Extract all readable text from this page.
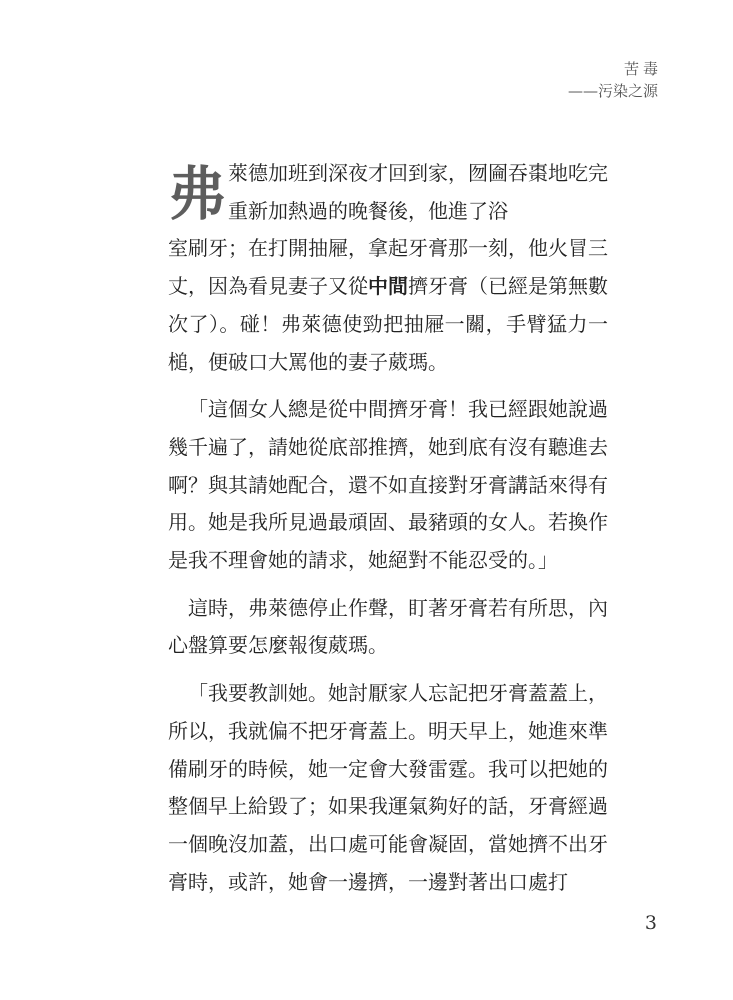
苦毒
——污染之源

弗 萊德加班到深夜才回到家，囫圇吞棗地吃完重新加熱過的晚餐後，他進了浴
室刷牙；在打開抽屜，拿起牙膏那一刻，他火冒三丈，因為看見妻子又從中間擠牙膏（已經是第無數次了）。碰！弗萊德使勁把抽屜一關，手臂猛力一槌，便破口大罵他的妻子葳瑪。

「這個女人總是從中間擠牙膏！我已經跟她說過幾千遍了，請她從底部推擠，她到底有沒有聽進去啊？與其請她配合，還不如直接對牙膏講話來得有用。她是我所見過最頑固、最豬頭的女人。若換作是我不理會她的請求，她絕對不能忍受的。」

這時，弗萊德停止作聲，盯著牙膏若有所思，內心盤算要怎麼報復葳瑪。

「我要教訓她。她討厭家人忘記把牙膏蓋蓋上，所以，我就偏不把牙膏蓋上。明天早上，她進來準備刷牙的時候，她一定會大發雷霆。我可以把她的整個早上給毀了；如果我運氣夠好的話，牙膏經過一個晚沒加蓋，出口處可能會凝固，當她擠不出牙膏時，或許，她會一邊擠，一邊對著出口處打

3
